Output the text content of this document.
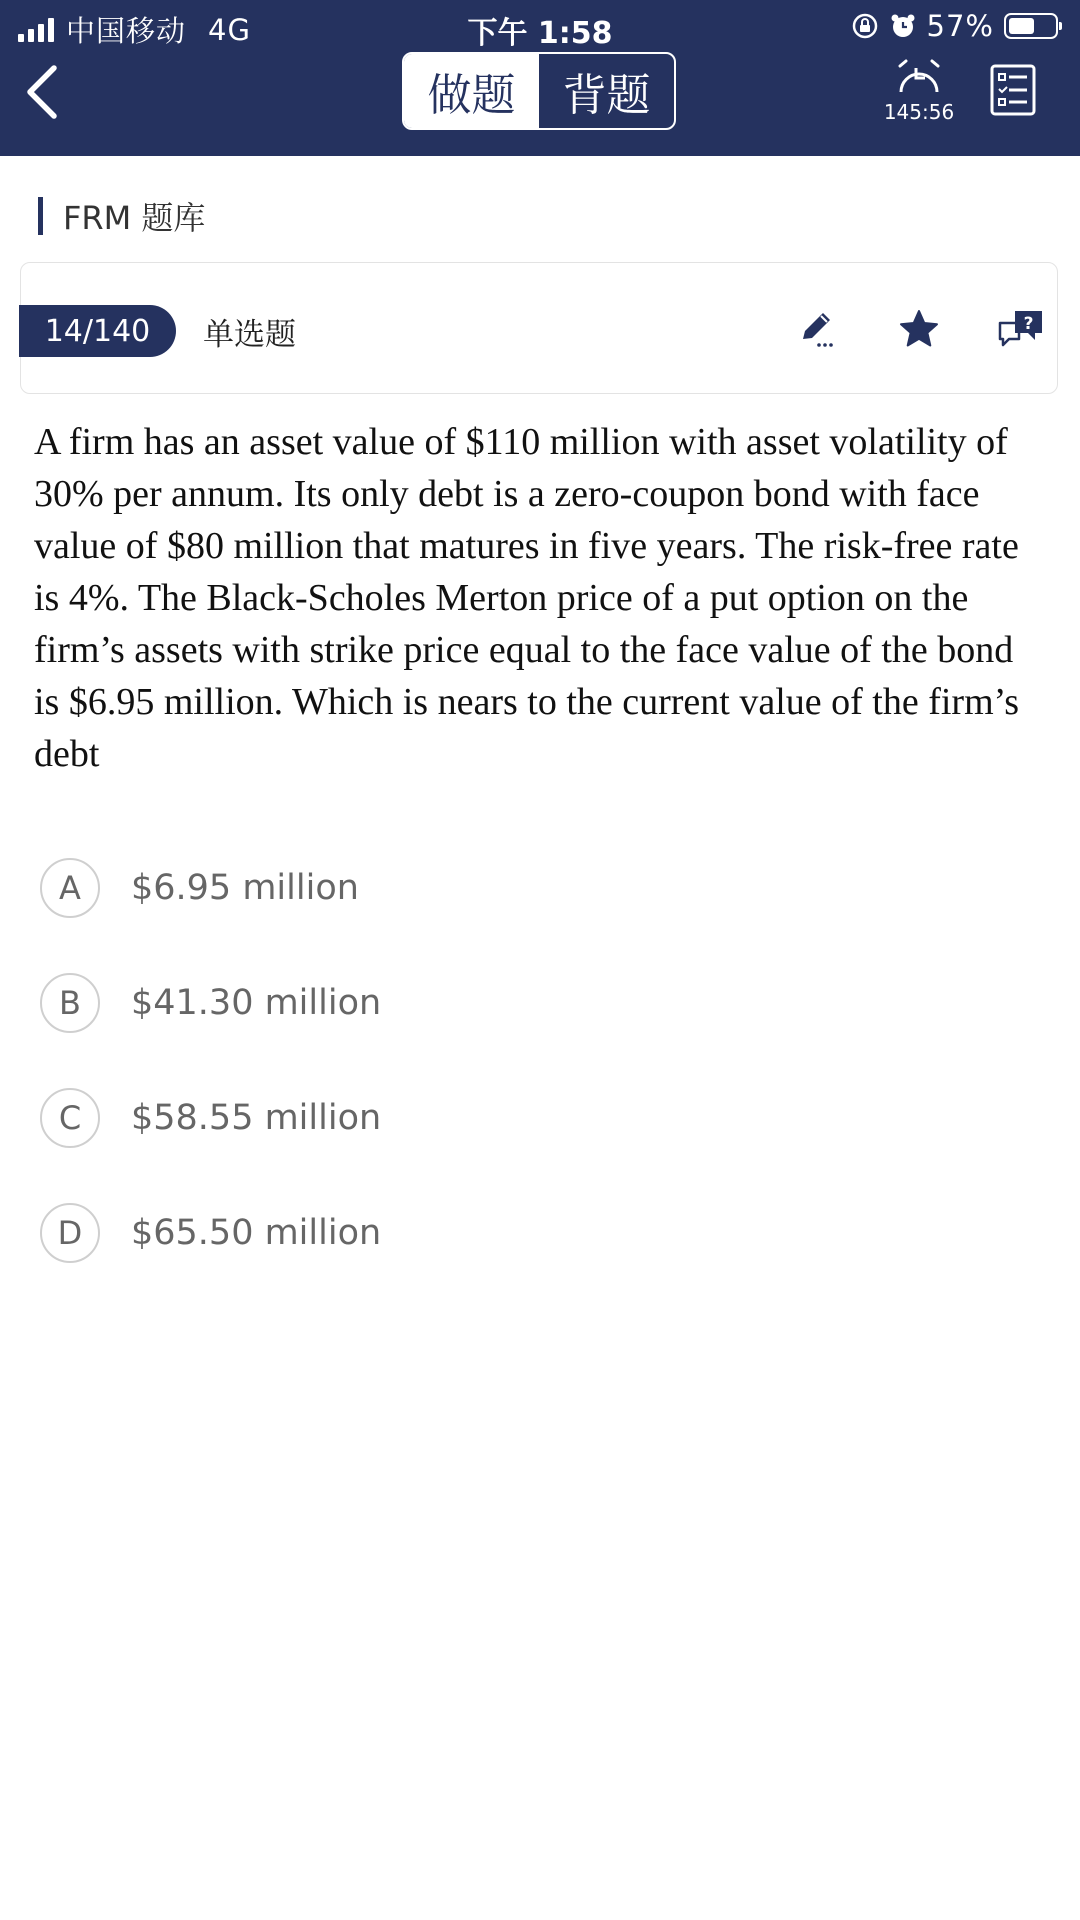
中国移动 4G	下午 1:58	57%
做题	背题	145:56
FRM 题库
14/140	单选题	?
A firm has an asset value of $110 million with asset volatility of 30% per annum. Its only debt is a zero-coupon bond with face value of $80 million that matures in five years. The risk-free rate is 4%. The Black-Scholes Merton price of a put option on the firm’s assets with strike price equal to the face value of the bond is $6.95 million. Which is nears to the current value of the firm’s debt
A	$6.95 million
B	$41.30 million
C	$58.55 million
D	$65.50 million
